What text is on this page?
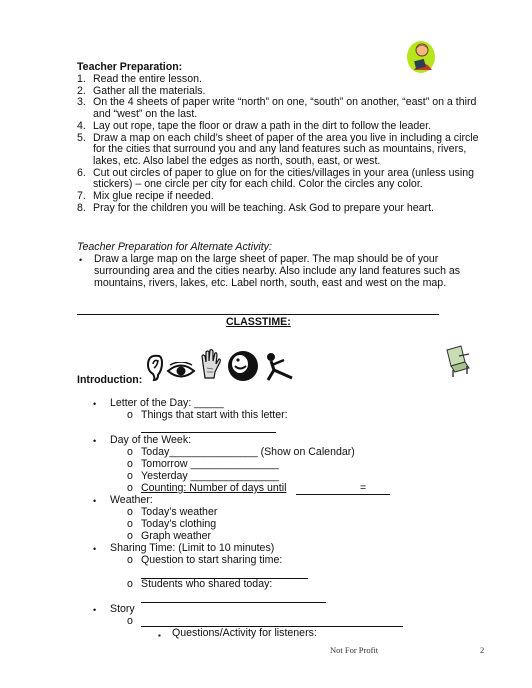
Teacher Preparation:
1. Read the entire lesson.
2. Gather all the materials.
3. On the 4 sheets of paper write “north” on one, “south” on another, “east” on a third
and “west” on the last.
4. Lay out rope, tape the floor or draw a path in the dirt to follow the leader.
5. Draw a map on each child’s sheet of paper of the area you live in including a circle
for the cities that surround you and any land features such as mountains, rivers,
lakes, etc. Also label the edges as north, south, east, or west.
6. Cut out circles of paper to glue on for the cities/villages in your area (unless using
stickers) – one circle per city for each child. Color the circles any color.
7. Mix glue recipe if needed.
8. Pray for the children you will be teaching. Ask God to prepare your heart.
Teacher Preparation for Alternate Activity:
• Draw a large map on the large sheet of paper. The map should be of your
surrounding area and the cities nearby. Also include any land features such as
mountains, rivers, lakes, etc. Label north, south, east and west on the map.
CLASSTIME:
Introduction:
• Letter of the Day: _____
o Things that start with this letter:
• Day of the Week:
o Today_______________ (Show on Calendar)
o Tomorrow _______________
o Yesterday _______________
o Counting: Number of days until	=
• Weather:
o Today’s weather
o Today’s clothing
o Graph weather
• Sharing Time: (Limit to 10 minutes)
o Question to start sharing time:
o Students who shared today:
• Story
o
▪ Questions/Activity for listeners:
Not For Profit	2
